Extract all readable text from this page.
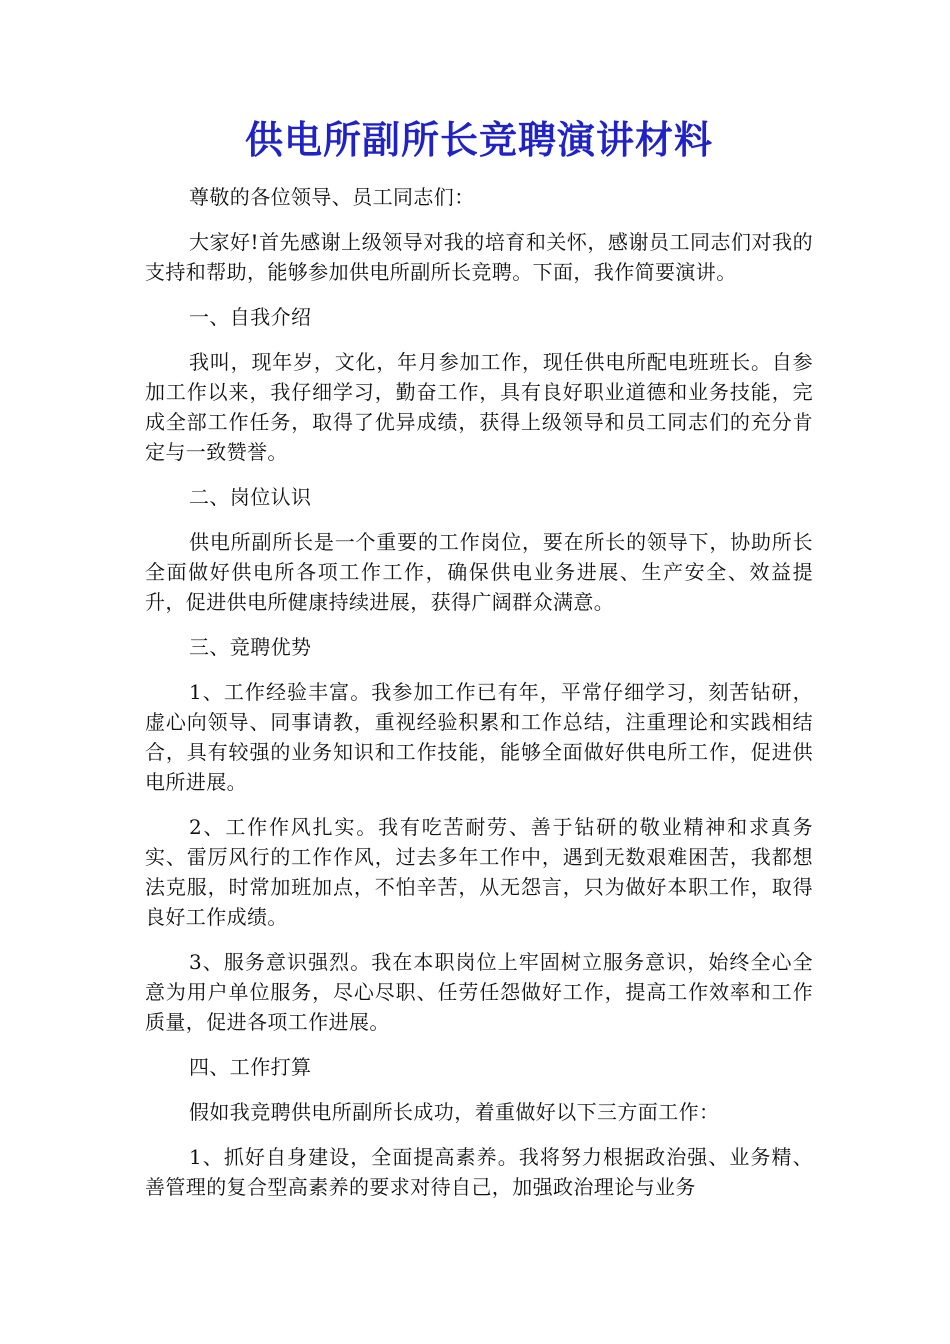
供电所副所长竞聘演讲材料

尊敬的各位领导、员工同志们：

大家好!首先感谢上级领导对我的培育和关怀，感谢员工同志们对我的支持和帮助，能够参加供电所副所长竞聘。下面，我作简要演讲。

一、自我介绍

我叫，现年岁，文化，年月参加工作，现任供电所配电班班长。自参加工作以来，我仔细学习，勤奋工作，具有良好职业道德和业务技能，完成全部工作任务，取得了优异成绩，获得上级领导和员工同志们的充分肯定与一致赞誉。

二、岗位认识

供电所副所长是一个重要的工作岗位，要在所长的领导下，协助所长全面做好供电所各项工作工作，确保供电业务进展、生产安全、效益提升，促进供电所健康持续进展，获得广阔群众满意。

三、竞聘优势

1、工作经验丰富。我参加工作已有年，平常仔细学习，刻苦钻研，虚心向领导、同事请教，重视经验积累和工作总结，注重理论和实践相结合，具有较强的业务知识和工作技能，能够全面做好供电所工作，促进供电所进展。

2、工作作风扎实。我有吃苦耐劳、善于钻研的敬业精神和求真务实、雷厉风行的工作作风，过去多年工作中，遇到无数艰难困苦，我都想法克服，时常加班加点，不怕辛苦，从无怨言，只为做好本职工作，取得良好工作成绩。

3、服务意识强烈。我在本职岗位上牢固树立服务意识，始终全心全意为用户单位服务，尽心尽职、任劳任怨做好工作，提高工作效率和工作质量，促进各项工作进展。

四、工作打算

假如我竞聘供电所副所长成功，着重做好以下三方面工作：

1、抓好自身建设，全面提高素养。我将努力根据政治强、业务精、善管理的复合型高素养的要求对待自己，加强政治理论与业务
